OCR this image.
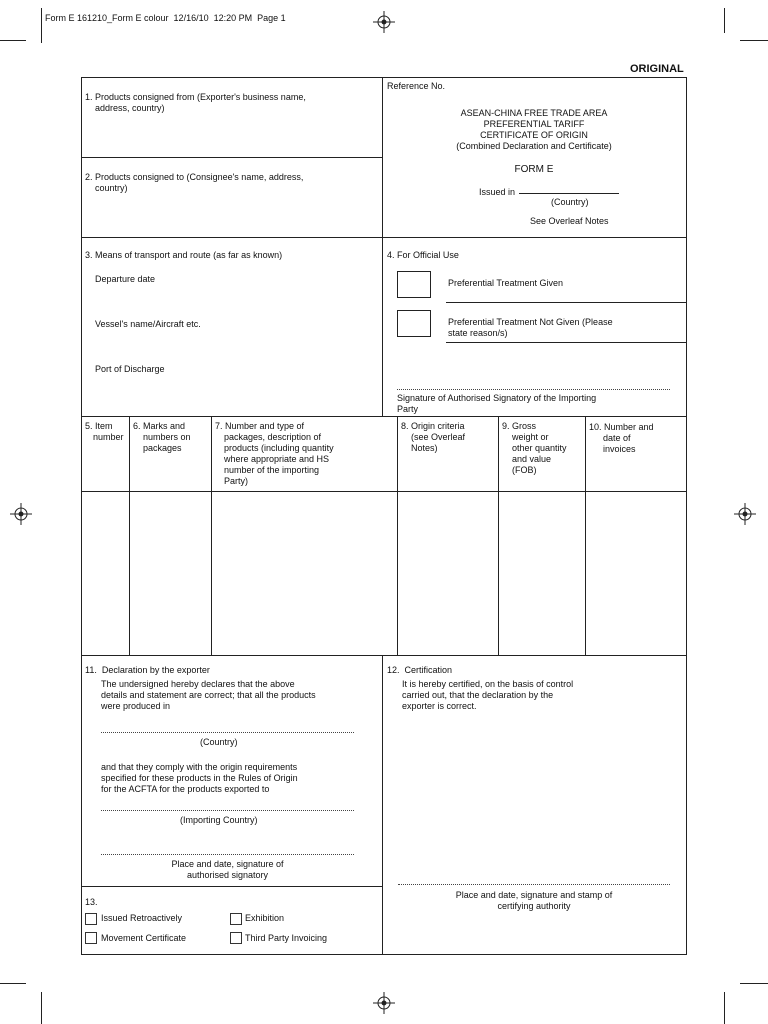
Form E 161210_Form E colour  12/16/10  12:20 PM  Page 1
ORIGINAL
1. Products consigned from (Exporter's business name,
address, country)
2. Products consigned to (Consignee's name, address,
country)
Reference No.
ASEAN-CHINA FREE TRADE AREA
PREFERENTIAL TARIFF
CERTIFICATE OF ORIGIN
(Combined Declaration and Certificate)
FORM E
Issued in
(Country)
See Overleaf Notes
3. Means of transport and route (as far as known)
Departure date
Vessel's name/Aircraft etc.
Port of Discharge
4. For Official Use
Preferential Treatment Given
Preferential Treatment Not Given (Please
state reason/s)
Signature of Authorised Signatory of the Importing
Party
5. Item
number
6. Marks and
numbers on
packages
7. Number and type of
packages, description of
products (including quantity
where appropriate and HS
number of the importing
Party)
8. Origin criteria
(see Overleaf
Notes)
9. Gross
weight or
other quantity
and value
(FOB)
10. Number and
date of
invoices
11.  Declaration by the exporter
The undersigned hereby declares that the above
details and statement are correct; that all the products
were produced in
(Country)
and that they comply with the origin requirements
specified for these products in the Rules of Origin
for the ACFTA for the products exported to
(Importing Country)
Place and date, signature of
authorised signatory
12.  Certification
It is hereby certified, on the basis of control
carried out, that the declaration by the
exporter is correct.
Place and date, signature and stamp of
certifying authority
13.
Issued Retroactively	Exhibition
Movement Certificate	Third Party Invoicing
